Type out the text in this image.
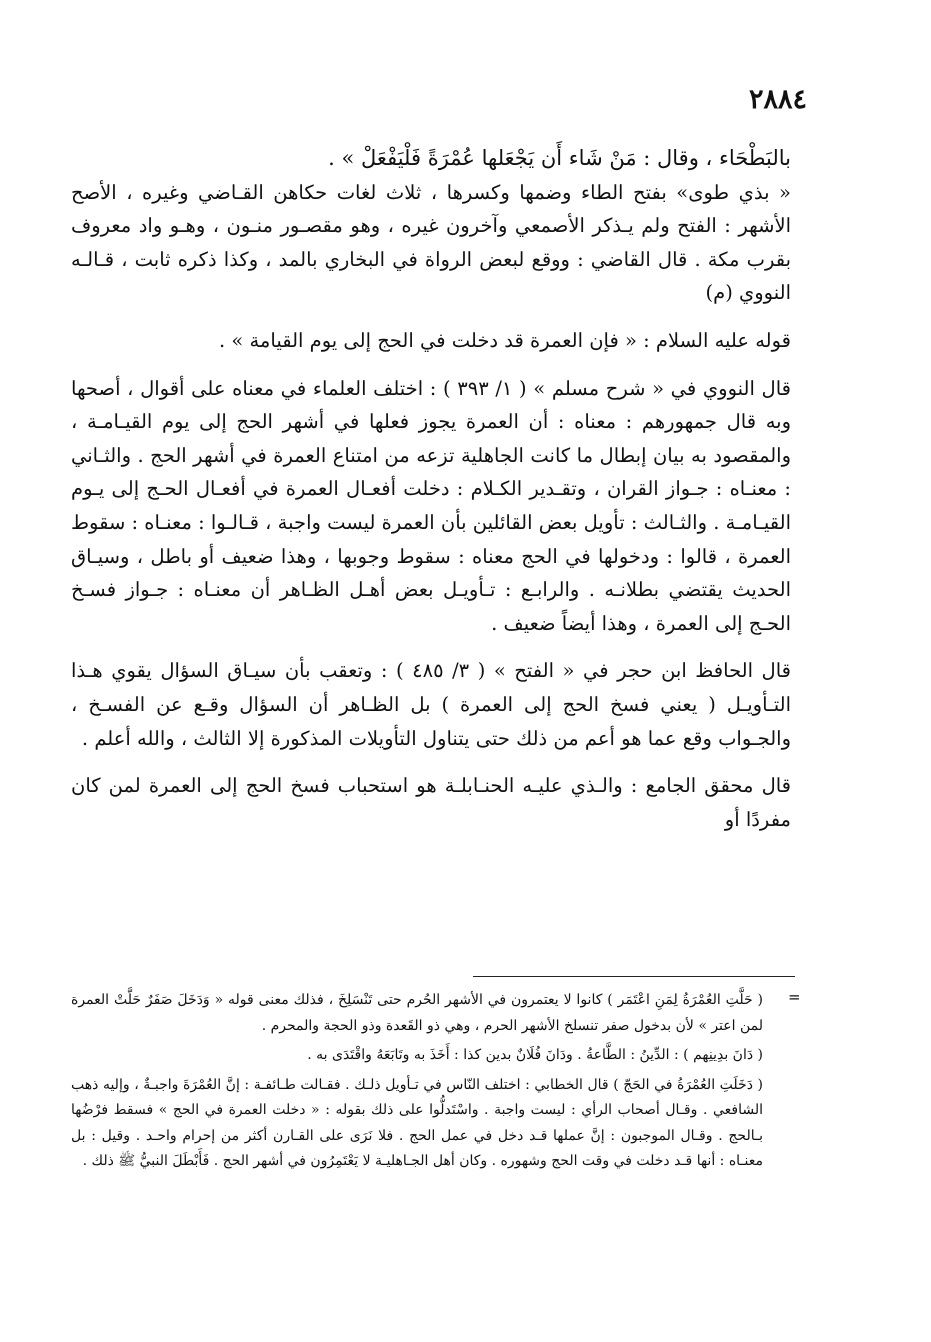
٢٨٨٤

بالبَطْحَاء ، وقال : مَنْ شَاء أَن يَجْعَلها عُمْرَةً فَلْيَفْعَلْ » .

« بذي طوى» بفتح الطاء وضمها وكسرها ، ثلاث لغات حكاهن القـاضي وغيره ، الأصح الأشهر : الفتح ولم يـذكر الأصمعي وآخرون غيره ، وهو مقصـور منـون ، وهـو واد معروف بقرب مكة . قال القاضي : ووقع لبعض الرواة في البخاري بالمد ، وكذا ذكره ثابت ، قـالـه النووي (م)

قوله عليه السلام : « فإن العمرة قد دخلت في الحج إلى يوم القيامة » .

قال النووي في « شرح مسلم » ( ١/ ٣٩٣ ) : اختلف العلماء في معناه على أقوال ، أصحها وبه قال جمهورهم : معناه : أن العمرة يجوز فعلها في أشهر الحج إلى يوم القيـامـة ، والمقصود به بيان إبطال ما كانت الجاهلية تزعه من امتناع العمرة في أشهر الحج . والثـاني : معنـاه : جـواز القران ، وتقـدير الكـلام : دخلت أفعـال العمرة في أفعـال الحـج إلى يـوم القيـامـة . والثـالث : تأويل بعض القائلين بأن العمرة ليست واجبة ، قـالـوا : معنـاه : سقوط العمرة ، قالوا : ودخولها في الحج معناه : سقوط وجوبها ، وهذا ضعيف أو باطل ، وسيـاق الحديث يقتضي بطلانـه . والرابـع : تـأويـل بعض أهـل الظـاهر أن معنـاه : جـواز فسـخ الحـج إلى العمرة ، وهذا أيضاً ضعيف .

قال الحافظ ابن حجر في « الفتح » ( ٣/ ٤٨٥ ) : وتعقب بأن سيـاق السؤال يقوي هـذا التـأويـل ( يعني فسخ الحج إلى العمرة ) بل الظـاهر أن السؤال وقـع عن الفسـخ ، والجـواب وقع عما هو أعم من ذلك حتى يتناول التأويلات المذكورة إلا الثالث ، والله أعلم .

قال محقق الجامع : والـذي عليـه الحنـابلـة هو استحباب فسخ الحج إلى العمرة لمن كان مفردًا أو

=

( حَلَّتِ العُمْرَةُ لِمَنِ اعْتَمَر ) كانوا لا يعتمرون في الأشهر الحُرم حتى تَنْسَلِخَ ، فذلك معنى قوله « وَدَخَلَ صَفَرٌ حَلَّتْ العمرة لمن اعتر » لأن بدخول صفر تنسلخ الأشهر الحرم ، وهي ذو القَعدة وذو الحجة والمحرم .

( دَانَ بدِينِهم ) : الدِّينُ : الطَّاعةُ . ودَانَ فُلَانٌ بدين كذا : أَخَذَ به وتَابَعَهُ واقْتَدَى به .

( دَخَلَتِ العُمْرَةُ في الحَجّ ) قال الخطابي : اختلف النّاس في تـأويل ذلـك . فقـالت طـائفـة : إنَّ العُمْرَةَ واجبـةٌ ، وإليه ذهب الشافعي . وقـال أصحاب الرأي : ليست واجبة . واسْتَدلُّوا على ذلك بقوله : « دخلت العمرة في الحج » فسقط فرْضُها بـالحج . وقـال الموجبون : إنَّ عملها قـد دخل في عمل الحج . فلا نَرَى على القـارن أكثر من إحرام واحـد . وقيل : بل معنـاه : أنها قـد دخلت في وقت الحج وشهوره . وكان أهل الجـاهليـة لا يَعْتَمِرُون في أشهر الحج . فَأَبْطَلَ النبيُّ ﷺ ذلك .
